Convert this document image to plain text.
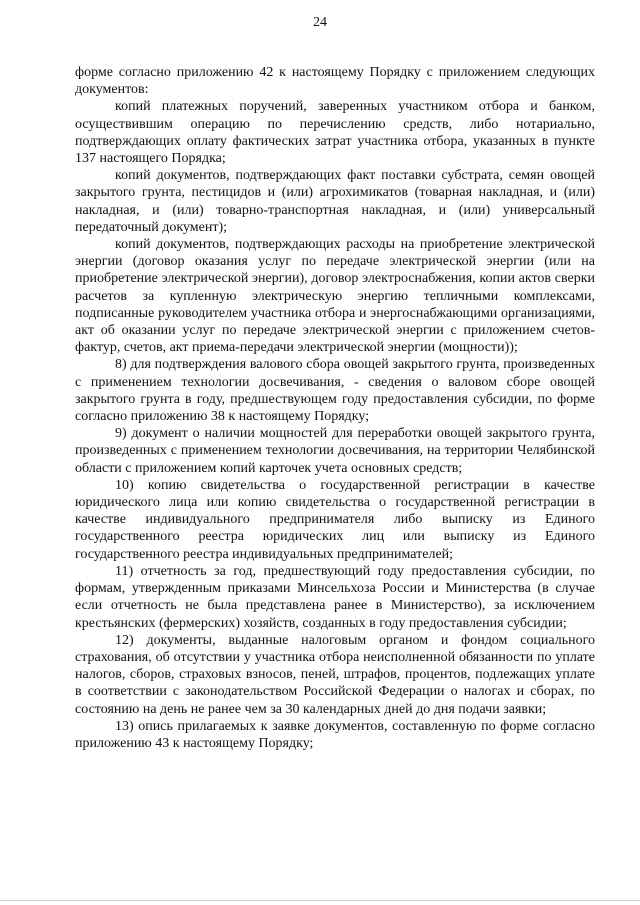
24

форме согласно приложению 42 к настоящему Порядку с приложением следующих документов:

копий платежных поручений, заверенных участником отбора и банком, осуществившим операцию по перечислению средств, либо нотариально, подтверждающих оплату фактических затрат участника отбора, указанных в пункте 137 настоящего Порядка;

копий документов, подтверждающих факт поставки субстрата, семян овощей закрытого грунта, пестицидов и (или) агрохимикатов (товарная накладная, и (или) накладная, и (или) товарно-транспортная накладная, и (или) универсальный передаточный документ);

копий документов, подтверждающих расходы на приобретение электрической энергии (договор оказания услуг по передаче электрической энергии (или на приобретение электрической энергии), договор электроснабжения, копии актов сверки расчетов за купленную электрическую энергию тепличными комплексами, подписанные руководителем участника отбора и энергоснабжающими организациями, акт об оказании услуг по передаче электрической энергии с приложением счетов-фактур, счетов, акт приема-передачи электрической энергии (мощности));

8) для подтверждения валового сбора овощей закрытого грунта, произведенных с применением технологии досвечивания, - сведения о валовом сборе овощей закрытого грунта в году, предшествующем году предоставления субсидии, по форме согласно приложению 38 к настоящему Порядку;

9) документ о наличии мощностей для переработки овощей закрытого грунта, произведенных с применением технологии досвечивания, на территории Челябинской области с приложением копий карточек учета основных средств;

10) копию свидетельства о государственной регистрации в качестве юридического лица или копию свидетельства о государственной регистрации в качестве индивидуального предпринимателя либо выписку из Единого государственного реестра юридических лиц или выписку из Единого государственного реестра индивидуальных предпринимателей;

11) отчетность за год, предшествующий году предоставления субсидии, по формам, утвержденным приказами Минсельхоза России и Министерства (в случае если отчетность не была представлена ранее в Министерство), за исключением крестьянских (фермерских) хозяйств, созданных в году предоставления субсидии;

12) документы, выданные налоговым органом и фондом социального страхования, об отсутствии у участника отбора неисполненной обязанности по уплате налогов, сборов, страховых взносов, пеней, штрафов, процентов, подлежащих уплате в соответствии с законодательством Российской Федерации о налогах и сборах, по состоянию на день не ранее чем за 30 календарных дней до дня подачи заявки;

13) опись прилагаемых к заявке документов, составленную по форме согласно приложению 43 к настоящему Порядку;
